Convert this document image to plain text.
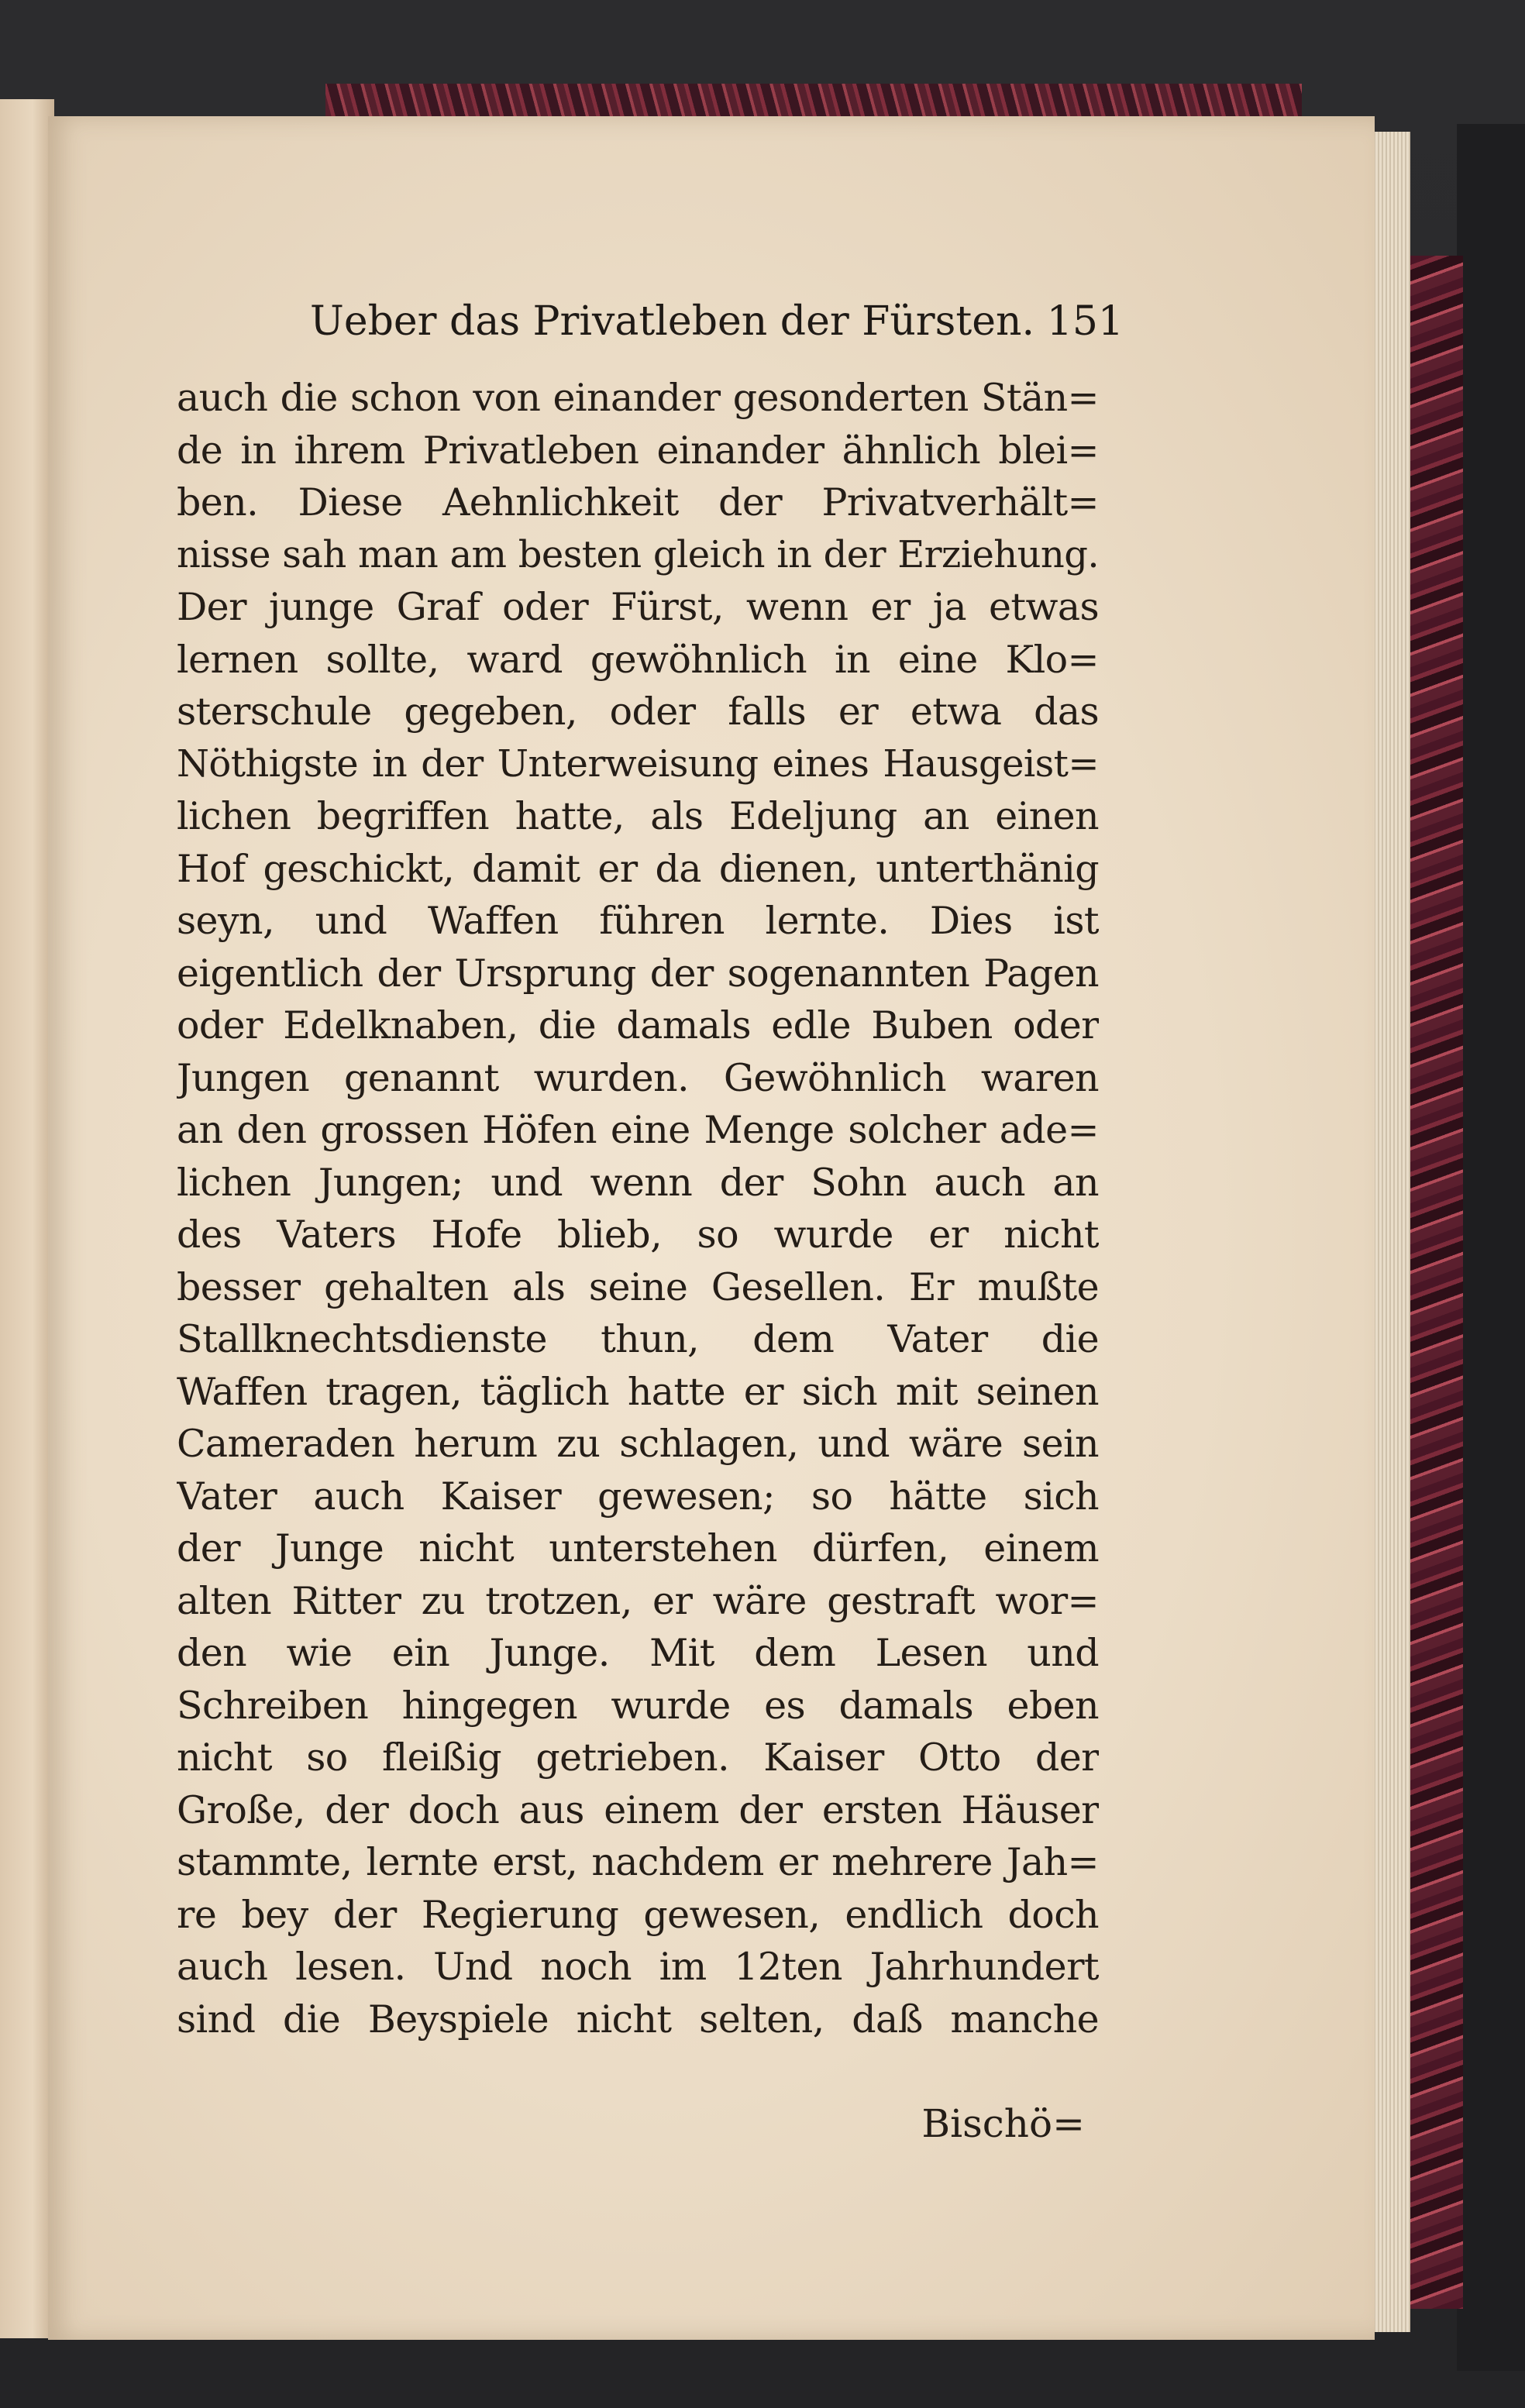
Ueber das Privatleben der Fürsten. 151
auch die schon von einander gesonderten Stän=
de in ihrem Privatleben einander ähnlich blei=
ben. Diese Aehnlichkeit der Privatverhält=
nisse sah man am besten gleich in der Erziehung.
Der junge Graf oder Fürst, wenn er ja etwas
lernen sollte, ward gewöhnlich in eine Klo=
sterschule gegeben, oder falls er etwa das
Nöthigste in der Unterweisung eines Hausgeist=
lichen begriffen hatte, als Edeljung an einen
Hof geschickt, damit er da dienen, unterthänig
seyn, und Waffen führen lernte. Dies ist
eigentlich der Ursprung der sogenannten Pagen
oder Edelknaben, die damals edle Buben oder
Jungen genannt wurden. Gewöhnlich waren
an den grossen Höfen eine Menge solcher ade=
lichen Jungen; und wenn der Sohn auch an
des Vaters Hofe blieb, so wurde er nicht
besser gehalten als seine Gesellen. Er mußte
Stallknechtsdienste thun, dem Vater die
Waffen tragen, täglich hatte er sich mit seinen
Cameraden herum zu schlagen, und wäre sein
Vater auch Kaiser gewesen; so hätte sich
der Junge nicht unterstehen dürfen, einem
alten Ritter zu trotzen, er wäre gestraft wor=
den wie ein Junge. Mit dem Lesen und
Schreiben hingegen wurde es damals eben
nicht so fleißig getrieben. Kaiser Otto der
Große, der doch aus einem der ersten Häuser
stammte, lernte erst, nachdem er mehrere Jah=
re bey der Regierung gewesen, endlich doch
auch lesen. Und noch im 12ten Jahrhundert
sind die Beyspiele nicht selten, daß manche
Bischö=
